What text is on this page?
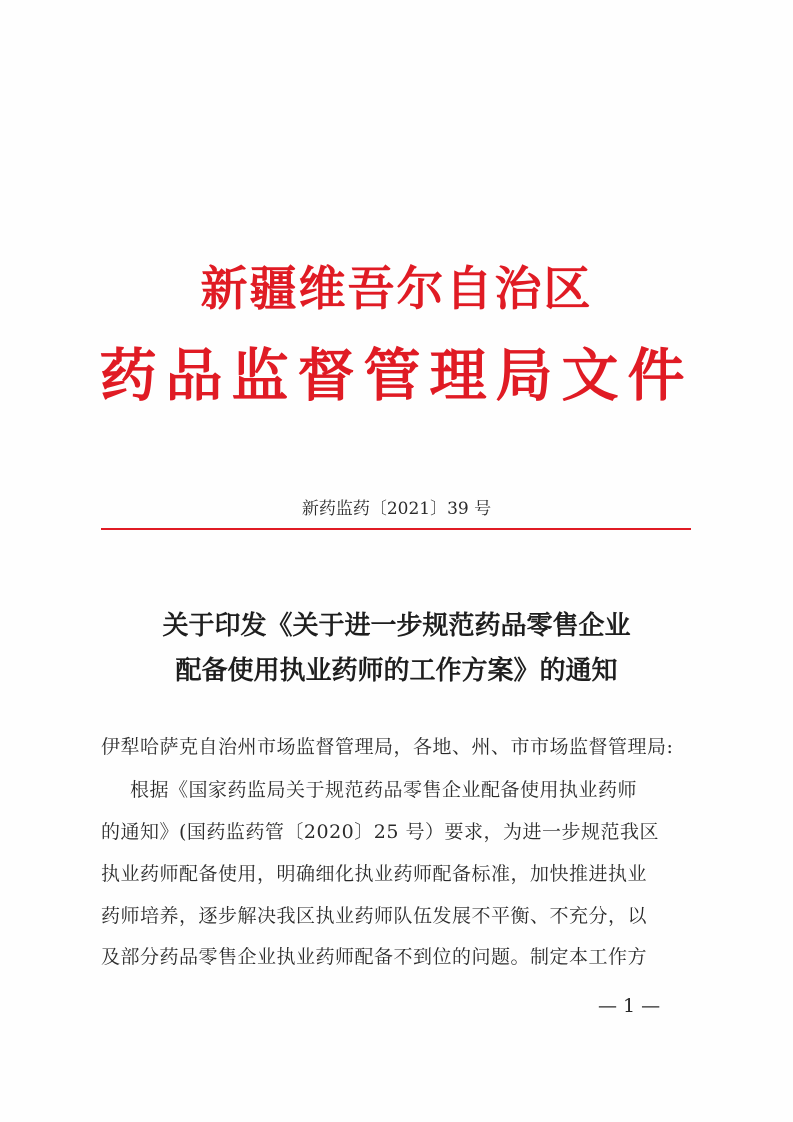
新疆维吾尔自治区
药品监督管理局文件
新药监药〔2021〕39 号
关于印发《关于进一步规范药品零售企业
配备使用执业药师的工作方案》的通知
伊犁哈萨克自治州市场监督管理局，各地、州、市市场监督管理局:
根据《国家药监局关于规范药品零售企业配备使用执业药师
的通知》(国药监药管〔2020〕25 号）要求，为进一步规范我区
执业药师配备使用，明确细化执业药师配备标准，加快推进执业
药师培养，逐步解决我区执业药师队伍发展不平衡、不充分，以
及部分药品零售企业执业药师配备不到位的问题。制定本工作方
— 1 —
